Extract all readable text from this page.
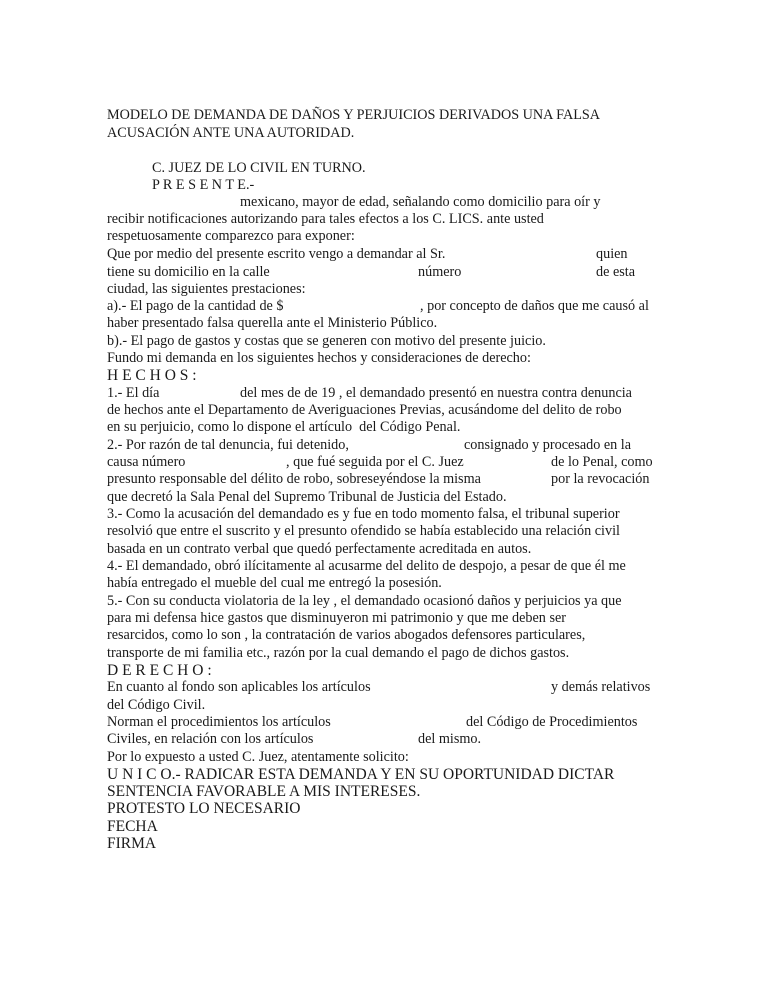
MODELO DE DEMANDA DE DAÑOS Y PERJUICIOS DERIVADOS UNA FALSA
ACUSACIÓN ANTE UNA AUTORIDAD.
C. JUEZ DE LO CIVIL EN TURNO.
P R E S E N T E.-
mexicano, mayor de edad, señalando como domicilio para oír y
recibir notificaciones autorizando para tales efectos a los C. LICS. ante usted
respetuosamente comparezco para exponer:
Que por medio del presente escrito vengo a demandar al Sr.	quien
tiene su domicilio en la calle	número	de esta
ciudad, las siguientes prestaciones:
a).- El pago de la cantidad de $	, por concepto de daños que me causó al
haber presentado falsa querella ante el Ministerio Público.
b).- El pago de gastos y costas que se generen con motivo del presente juicio.
Fundo mi demanda en los siguientes hechos y consideraciones de derecho:
H E C H O S :
1.- El día	del mes de de 19 , el demandado presentó en nuestra contra denuncia
de hechos ante el Departamento de Averiguaciones Previas, acusándome del delito de robo
en su perjuicio, como lo dispone el artículo  del Código Penal.
2.- Por razón de tal denuncia, fui detenido,	consignado y procesado en la
causa número	, que fué seguida por el C. Juez	de lo Penal, como
presunto responsable del délito de robo, sobreseyéndose la misma	por la revocación
que decretó la Sala Penal del Supremo Tribunal de Justicia del Estado.
3.- Como la acusación del demandado es y fue en todo momento falsa, el tribunal superior
resolvió que entre el suscrito y el presunto ofendido se había establecido una relación civil
basada en un contrato verbal que quedó perfectamente acreditada en autos.
4.- El demandado, obró ilícitamente al acusarme del delito de despojo, a pesar de que él me
había entregado el mueble del cual me entregó la posesión.
5.- Con su conducta violatoria de la ley , el demandado ocasionó daños y perjuicios ya que
para mi defensa hice gastos que disminuyeron mi patrimonio y que me deben ser
resarcidos, como lo son , la contratación de varios abogados defensores particulares,
transporte de mi familia etc., razón por la cual demando el pago de dichos gastos.
D E R E C H O :
En cuanto al fondo son aplicables los artículos	y demás relativos
del Código Civil.
Norman el procedimientos los artículos	del Código de Procedimientos
Civiles, en relación con los artículos	del mismo.
Por lo expuesto a usted C. Juez, atentamente solicito:
U N I C O.- RADICAR ESTA DEMANDA Y EN SU OPORTUNIDAD DICTAR
SENTENCIA FAVORABLE A MIS INTERESES.
PROTESTO LO NECESARIO
FECHA
FIRMA
